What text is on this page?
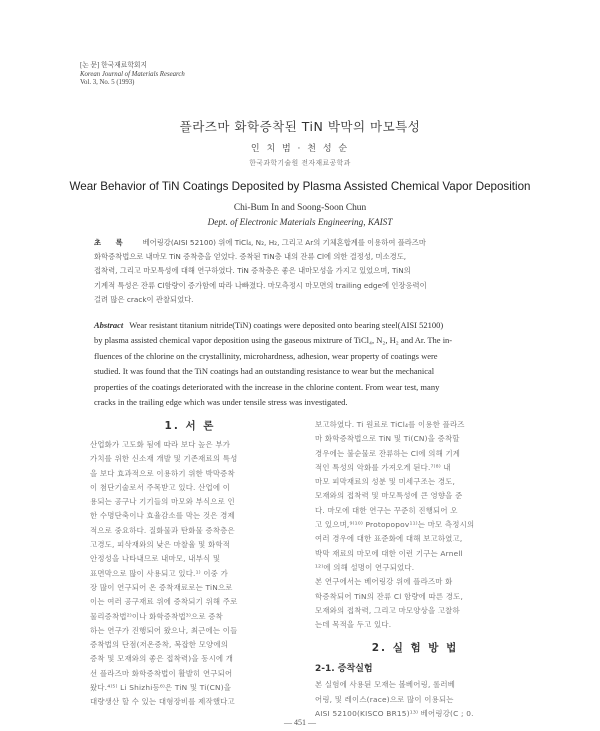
[논 문] 한국재료학회지
Korean Journal of Materials Research
Vol. 3, No. 5 (1993)
플라즈마 화학증착된 TiN 박막의 마모특성
인 치 범 · 천 성 순
한국과학기술원 전자재료공학과
Wear Behavior of TiN Coatings Deposited by Plasma Assisted Chemical Vapor Deposition
Chi-Bum In and Soong-Soon Chun
Dept. of Electronic Materials Engineering, KAIST
초 록 베어링강(AISI 52100) 위에 TiCl₄, N₂, H₂, 그리고 Ar의 기체혼합계를 이용하여 플라즈마
화학증착법으로 내마모 TiN 증착층을 얻었다. 증착된 TiN층 내의 잔류 Cl에 의한 결정성, 미소경도,
접착력, 그리고 마모특성에 대해 연구하였다. TiN 증착층은 좋은 내마모성을 가지고 있었으며, TiN의
기계적 특성은 잔류 Cl함량이 증가함에 따라 나빠졌다. 마모측정시 마모면의 trailing edge에 인장응력이
걸려 많은 crack이 관찰되었다.
Abstract Wear resistant titanium nitride(TiN) coatings were deposited onto bearing steel(AISI 52100)
by plasma assisted chemical vapor deposition using the gaseous mixtrure of TiCl₄, N₂, H₂ and Ar. The in-
fluences of the chlorine on the crystallinity, microhardness, adhesion, wear property of coatings were
studied. It was found that the TiN coatings had an outstanding resistance to wear but the mechanical
properties of the coatings deteriorated with the increase in the chlorine content. From wear test, many
cracks in the trailing edge which was under tensile stress was investigated.
1. 서 론
산업화가 고도화 됨에 따라 보다 높은 부가
가치를 위한 신소재 개발 및 기존재료의 특성
을 보다 효과적으로 이용하기 위한 박막증착
이 첨단기술로서 주목받고 있다. 산업에 이
용되는 공구나 기기들의 마모와 부식으로 인
한 수명단축이나 효율감소를 막는 것은 경제
적으로 중요하다. 질화물과 탄화물 증착층은
고경도, 피삭재와의 낮은 마찰율 및 화학적
안정성을 나타내므로 내마모, 내부식 및
표면막으로 많이 사용되고 있다.¹⁾ 이중 가
장 많이 연구되어 온 증착재료로는 TiN으로
이는 여러 공구재료 위에 증착되기 위해 주로
물리증착법²⁾이나 화학증착법³⁾으로 증착
하는 연구가 진행되어 왔으나, 최근에는 이들
증착법의 단점(저온증착, 복잡한 모양에의
증착 및 모재와의 좋은 접착력)을 동시에 개
선 플라즈마 화학증착법이 활발히 연구되어
왔다.⁴⁾⁵⁾ Li Shizhi등⁶⁾은 TiN 및 Ti(CN)을
대량생산 할 수 있는 대형장비를 제작했다고
보고하였다. Ti 원료로 TiCl₄를 이용한 플라즈
마 화학증착법으로 TiN 및 Ti(CN)을 증착할
경우에는 불순물로 잔류하는 Cl에 의해 기계
적인 특성의 악화를 가져오게 된다.⁷⁾⁸⁾ 내
마모 피막재료의 성분 및 미세구조는 경도,
모재와의 접착력 및 마모특성에 큰 영향을 준
다. 마모에 대한 연구는 꾸준히 진행되어 오
고 있으며,⁹⁾¹⁰⁾ Protopopov¹¹⁾는 마모 측정시의
여러 경우에 대한 표준화에 대해 보고하였고,
박막 재료의 마모에 대한 이런 기구는 Arnell
¹²⁾에 의해 설명이 연구되었다.
본 연구에서는 베어링강 위에 플라즈마 화
학증착되어 TiN의 잔류 Cl 함량에 따른 경도,
모재와의 접착력, 그리고 마모양상을 고찰하
는데 목적을 두고 있다.
2. 실 험 방 법
2-1. 증착실험
본 실험에 사용된 모재는 볼베어링, 롤러베
어링, 및 레이스(race)으로 많이 이용되는
AISI 52100(KISCO BR15)¹³⁾ 베어링강(C ; 0.
— 451 —
